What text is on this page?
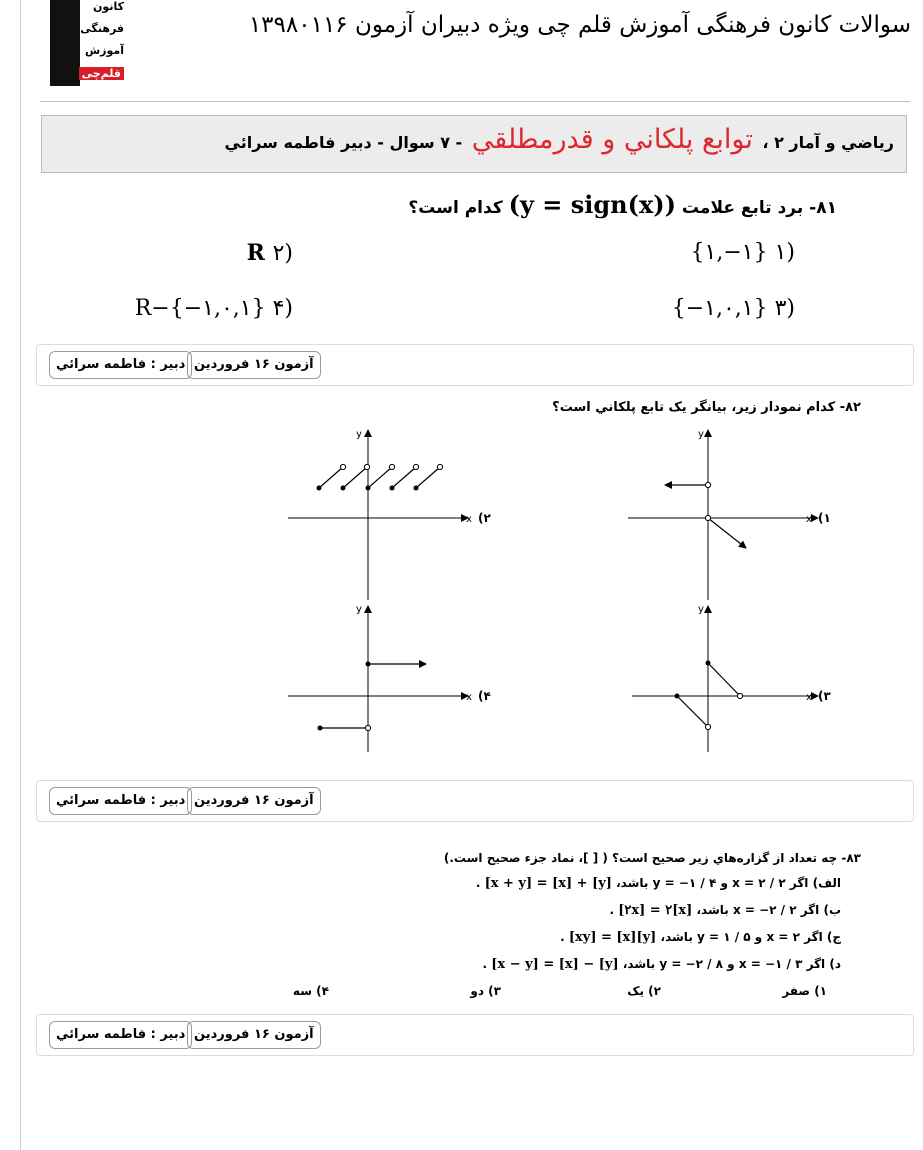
کانون
فرهنگی
آموزش
قلم‌چی
سوالات کانون فرهنگی آموزش قلم چی ویژه دبیران آزمون ۱۳۹۸۰۱۱۶
رياضي و آمار ۲ ، توابع پلكاني و قدرمطلقي - ۷ سوال - دبير فاطمه سرائي
۸۱- برد تابع علامت (y = sign(x)) كدام است؟
(۱ {۱,−۱}
(۲ R
(۳ {−۱,۰,۱}
(۴ R−{−۱,۰,۱}
دبیر : فاطمه سرائي آزمون ۱۶ فروردین
۸۲- كدام نمودار زير، بيانگر يک تابع پلكاني است؟
y
x (۱
y
x (۲
y
x (۳
y
x (۴
دبیر : فاطمه سرائي آزمون ۱۶ فروردین
۸۳- چه تعداد از گزاره‌هاي زير صحيح است؟ ( [ ]، نماد جزء صحيح است.)
الف) اگر x = ۲ / ۲ و y = −۱ / ۴ باشد، [x + y] = [x] + [y] .
ب) اگر x = −۲ / ۲ باشد، [۲x] = ۲[x] .
ج) اگر x = ۲ و y = ۱ / ۵ باشد، [xy] = [x][y] .
د) اگر x = −۱ / ۳ و y = −۲ / ۸ باشد، [x − y] = [x] − [y] .
۱) صفر
۲) يک
۳) دو
۴) سه
دبیر : فاطمه سرائي آزمون ۱۶ فروردین
